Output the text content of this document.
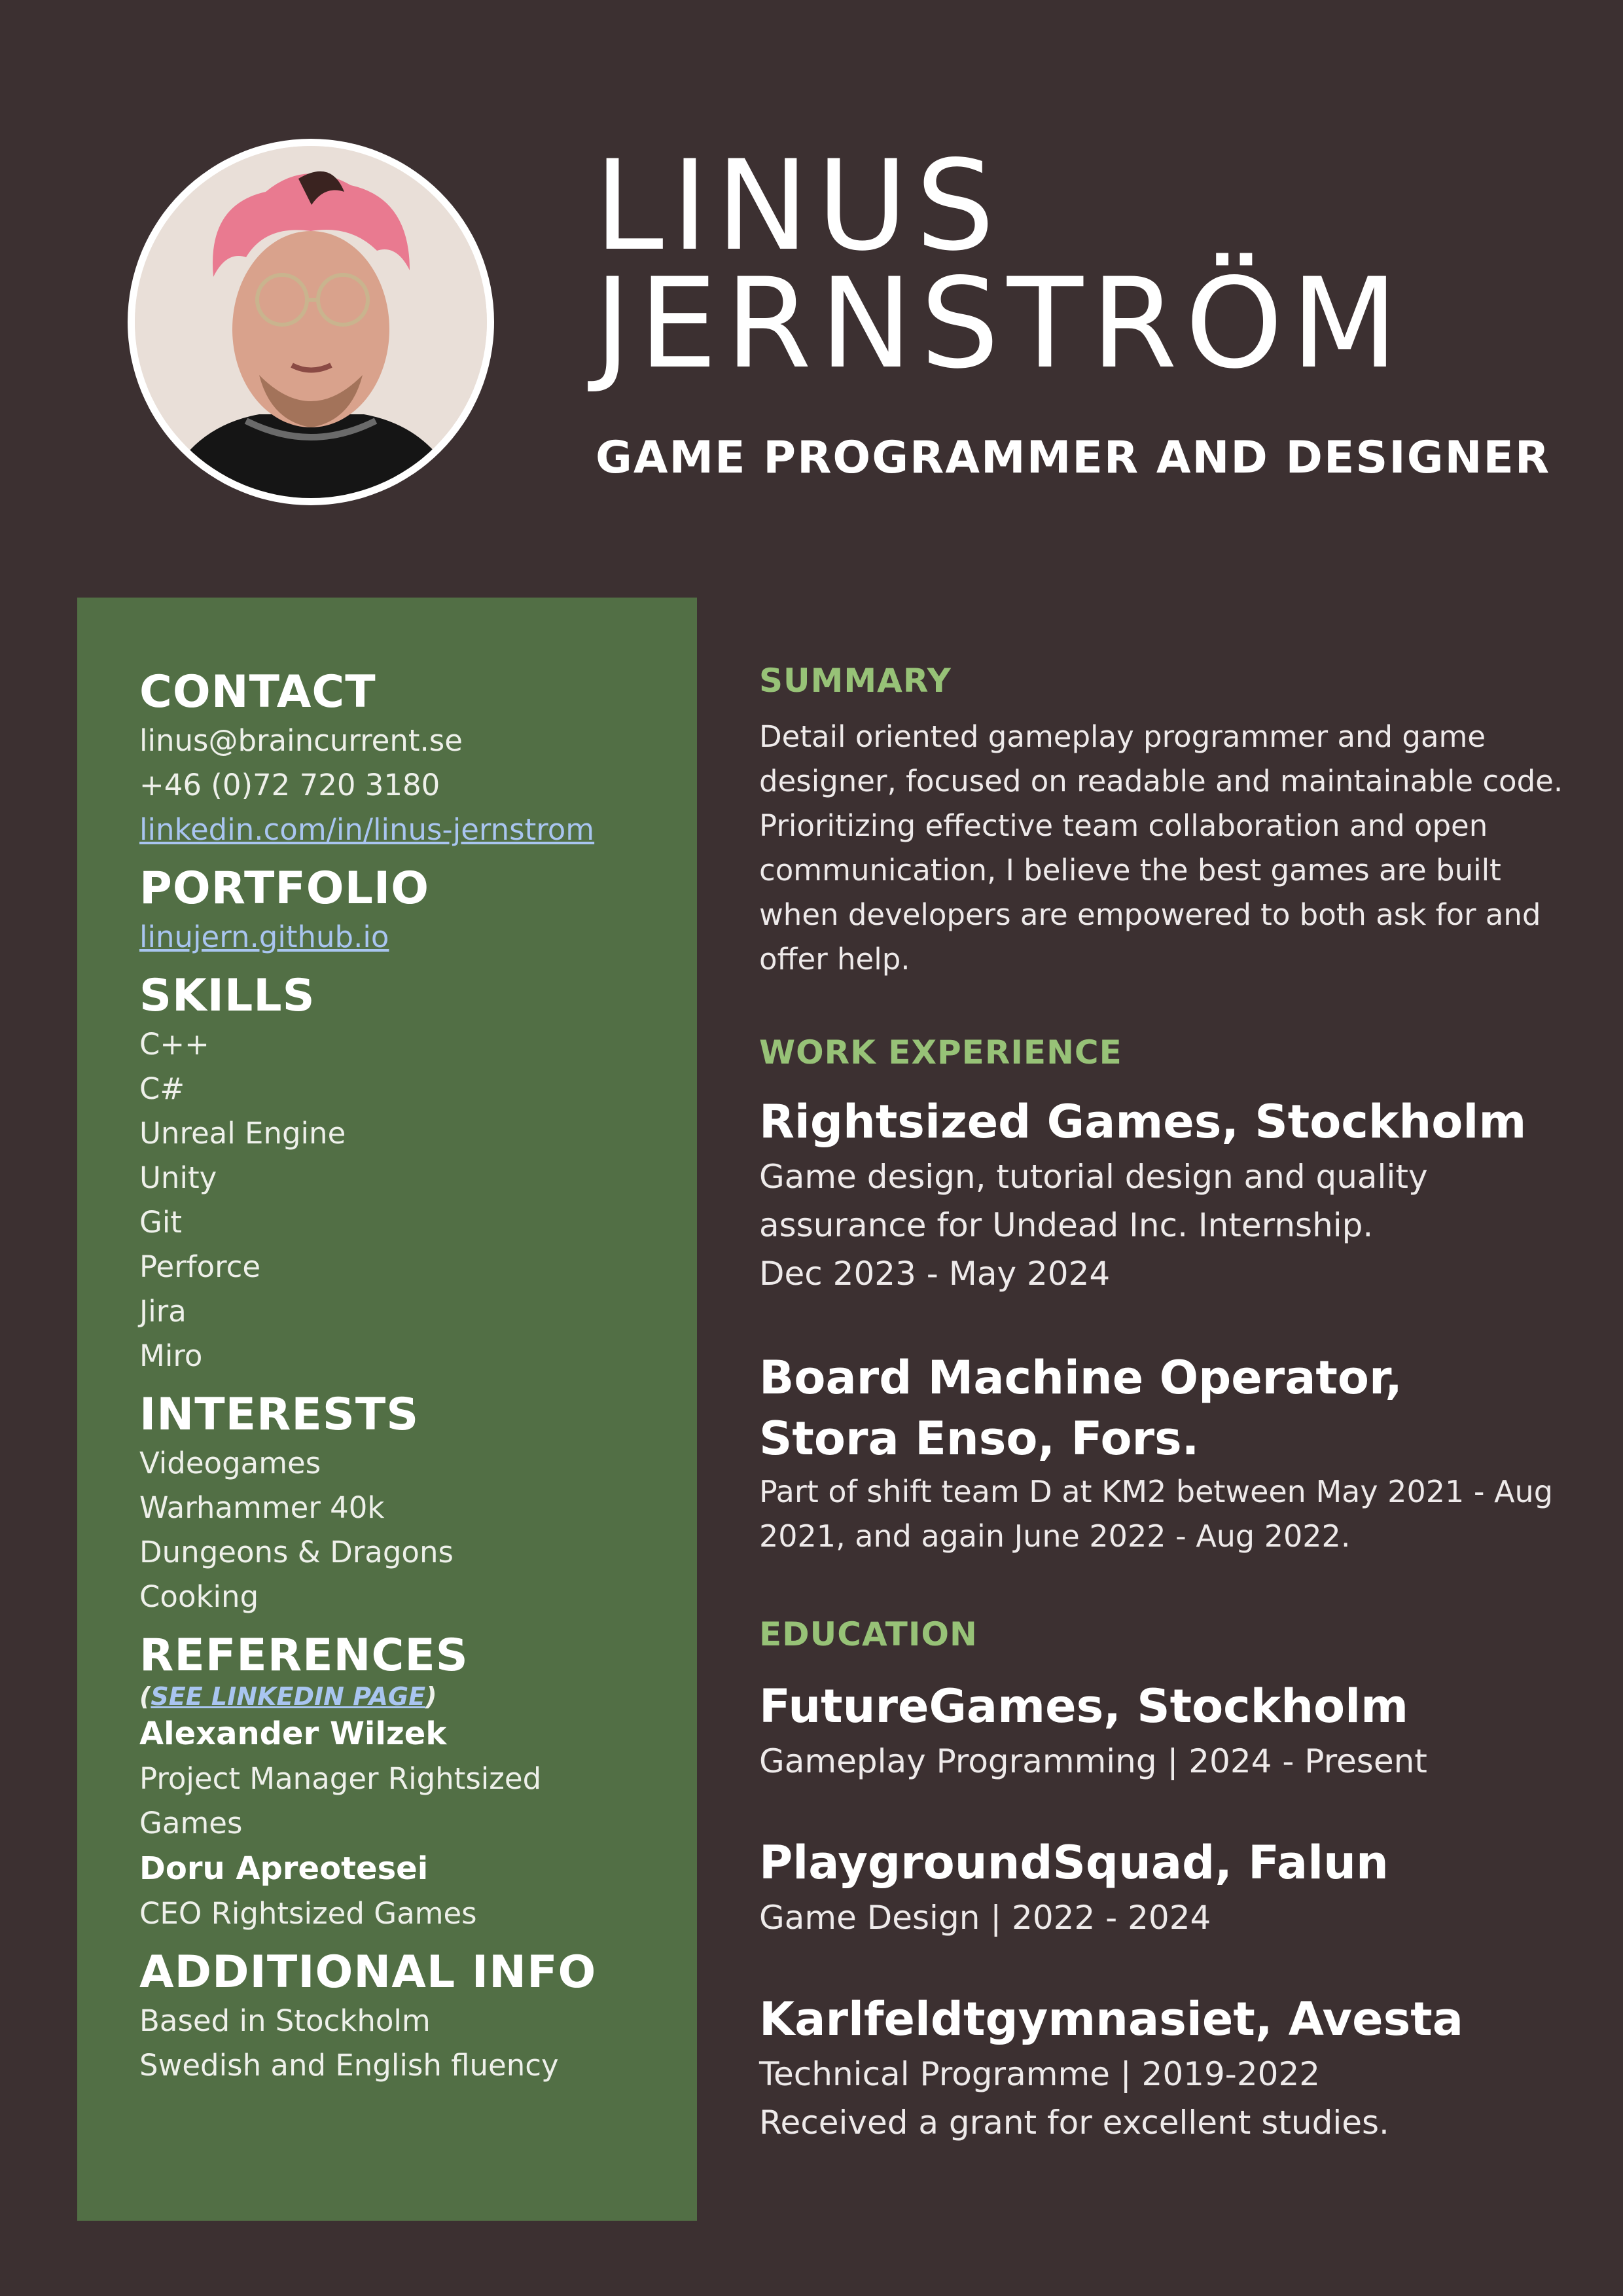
LINUS
JERNSTRÖM
GAME PROGRAMMER AND DESIGNER
CONTACT
linus@braincurrent.se
+46 (0)72 720 3180
linkedin.com/in/linus-jernstrom
PORTFOLIO
linujern.github.io
SKILLS
C++
C#
Unreal Engine
Unity
Git
Perforce
Jira
Miro
INTERESTS
Videogames
Warhammer 40k
Dungeons & Dragons
Cooking
REFERENCES
(SEE LINKEDIN PAGE)
Alexander Wilzek
Project Manager Rightsized
Games
Doru Apreotesei
CEO Rightsized Games
ADDITIONAL INFO
Based in Stockholm
Swedish and English fluency
SUMMARY
Detail oriented gameplay programmer and game designer, focused on readable and maintainable code. Prioritizing effective team collaboration and open communication, I believe the best games are built when developers are empowered to both ask for and offer help.
WORK EXPERIENCE
Rightsized Games, Stockholm
Game design, tutorial design and quality assurance for Undead Inc. Internship.
Dec 2023 - May 2024
Board Machine Operator,
Stora Enso, Fors.
Part of shift team D at KM2 between May 2021 - Aug 2021, and again June 2022 - Aug 2022.
EDUCATION
FutureGames, Stockholm
Gameplay Programming | 2024 - Present
PlaygroundSquad, Falun
Game Design | 2022 - 2024
Karlfeldtgymnasiet, Avesta
Technical Programme | 2019-2022
Received a grant for excellent studies.
